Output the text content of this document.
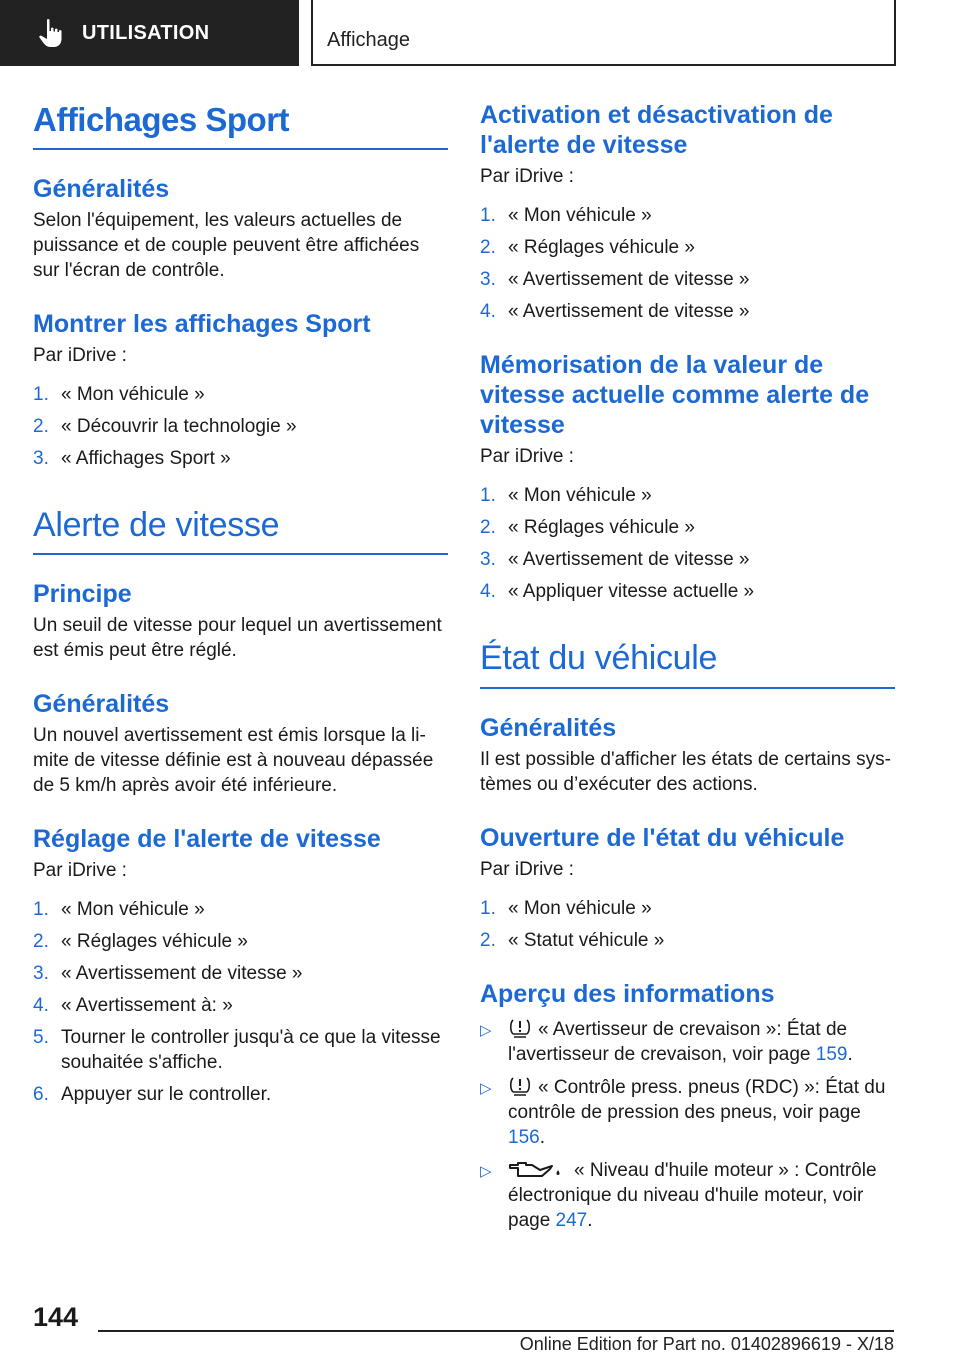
UTILISATION	Affichage
Affichages Sport
Généralités

Selon l'équipement, les valeurs actuelles de puissance et de couple peuvent être affichées sur l'écran de contrôle.

Montrer les affichages Sport

Par iDrive :

1. « Mon véhicule »
2. « Découvrir la technologie »
3. « Affichages Sport »
Alerte de vitesse
Principe

Un seuil de vitesse pour lequel un avertissement est émis peut être réglé.

Généralités

Un nouvel avertissement est émis lorsque la li‐ mite de vitesse définie est à nouveau dépassée de 5 km/h après avoir été inférieure.

Réglage de l'alerte de vitesse

Par iDrive :

1. « Mon véhicule »
2. « Réglages véhicule »
3. « Avertissement de vitesse »
4. « Avertissement à: »
5. Tourner le controller jusqu'à ce que la vitesse souhaitée s'affiche.
6. Appuyer sur le controller.
Activation et désactivation de l'alerte de vitesse

Par iDrive :

1. « Mon véhicule »
2. « Réglages véhicule »
3. « Avertissement de vitesse »
4. « Avertissement de vitesse »
Mémorisation de la valeur de vitesse actuelle comme alerte de vitesse

Par iDrive :

1. « Mon véhicule »
2. « Réglages véhicule »
3. « Avertissement de vitesse »
4. « Appliquer vitesse actuelle »
État du véhicule
Généralités

Il est possible d'afficher les états de certains sys‐ tèmes ou d’exécuter des actions.

Ouverture de l'état du véhicule

Par iDrive :

1. « Mon véhicule »
2. « Statut véhicule »
Aperçu des informations
▷	« Avertisseur de crevaison »: État de l'avertisseur de crevaison, voir page 159.
▷	« Contrôle press. pneus (RDC) »: État du contrôle de pression des pneus, voir page 156.
▷	« Niveau d'huile moteur » : Contrôle électronique du niveau d'huile moteur, voir page 247.
144
Online Edition for Part no. 01402896619 - X/18
